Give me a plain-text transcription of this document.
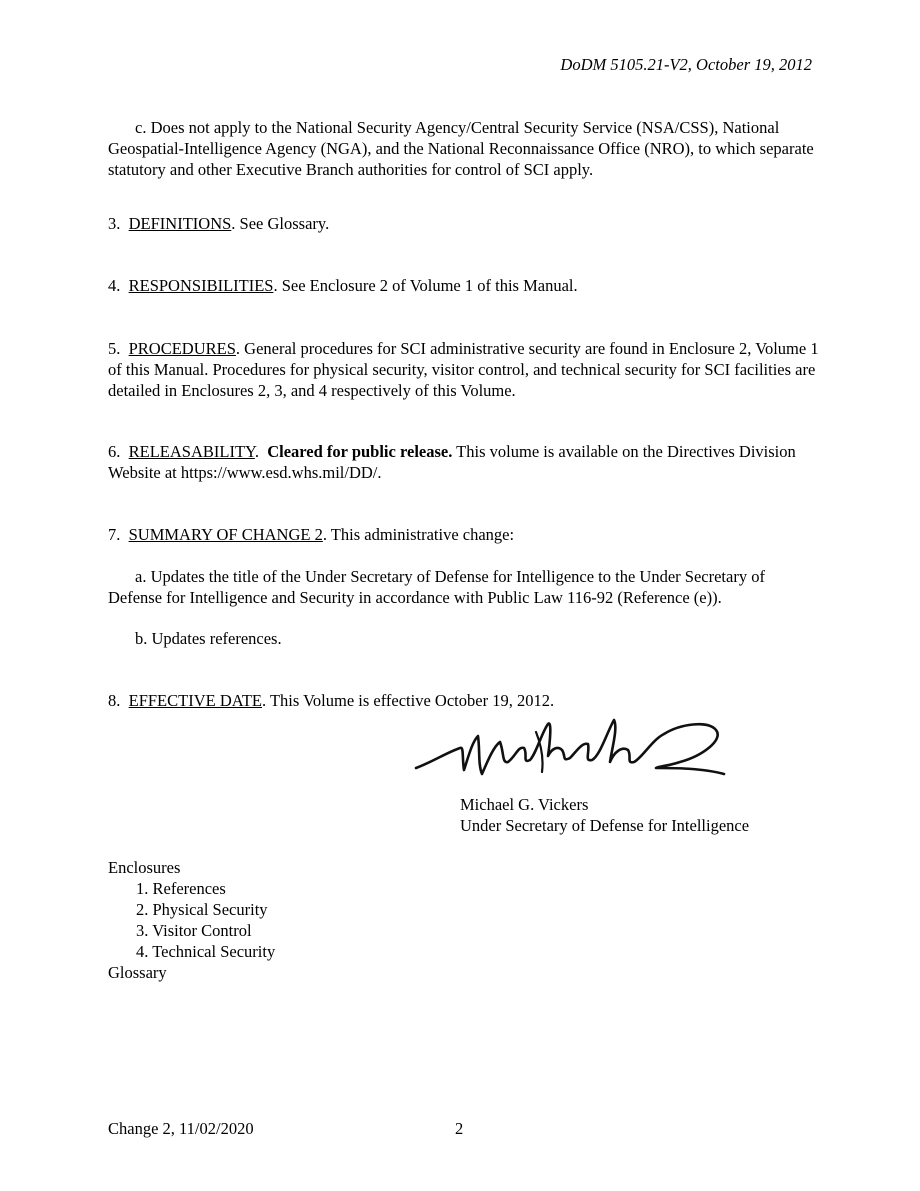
DoDM 5105.21-V2, October 19, 2012
c. Does not apply to the National Security Agency/Central Security Service (NSA/CSS), National Geospatial-Intelligence Agency (NGA), and the National Reconnaissance Office (NRO), to which separate statutory and other Executive Branch authorities for control of SCI apply.
3. DEFINITIONS. See Glossary.
4. RESPONSIBILITIES. See Enclosure 2 of Volume 1 of this Manual.
5. PROCEDURES. General procedures for SCI administrative security are found in Enclosure 2, Volume 1 of this Manual. Procedures for physical security, visitor control, and technical security for SCI facilities are detailed in Enclosures 2, 3, and 4 respectively of this Volume.
6. RELEASABILITY.  Cleared for public release. This volume is available on the Directives Division Website at https://www.esd.whs.mil/DD/.
7. SUMMARY OF CHANGE 2. This administrative change:
a. Updates the title of the Under Secretary of Defense for Intelligence to the Under Secretary of Defense for Intelligence and Security in accordance with Public Law 116-92 (Reference (e)).
b. Updates references.
8. EFFECTIVE DATE. This Volume is effective October 19, 2012.
Michael G. Vickers
Under Secretary of Defense for Intelligence
Enclosures
1. References
2. Physical Security
3. Visitor Control
4. Technical Security
Glossary
Change 2, 11/02/2020	2
